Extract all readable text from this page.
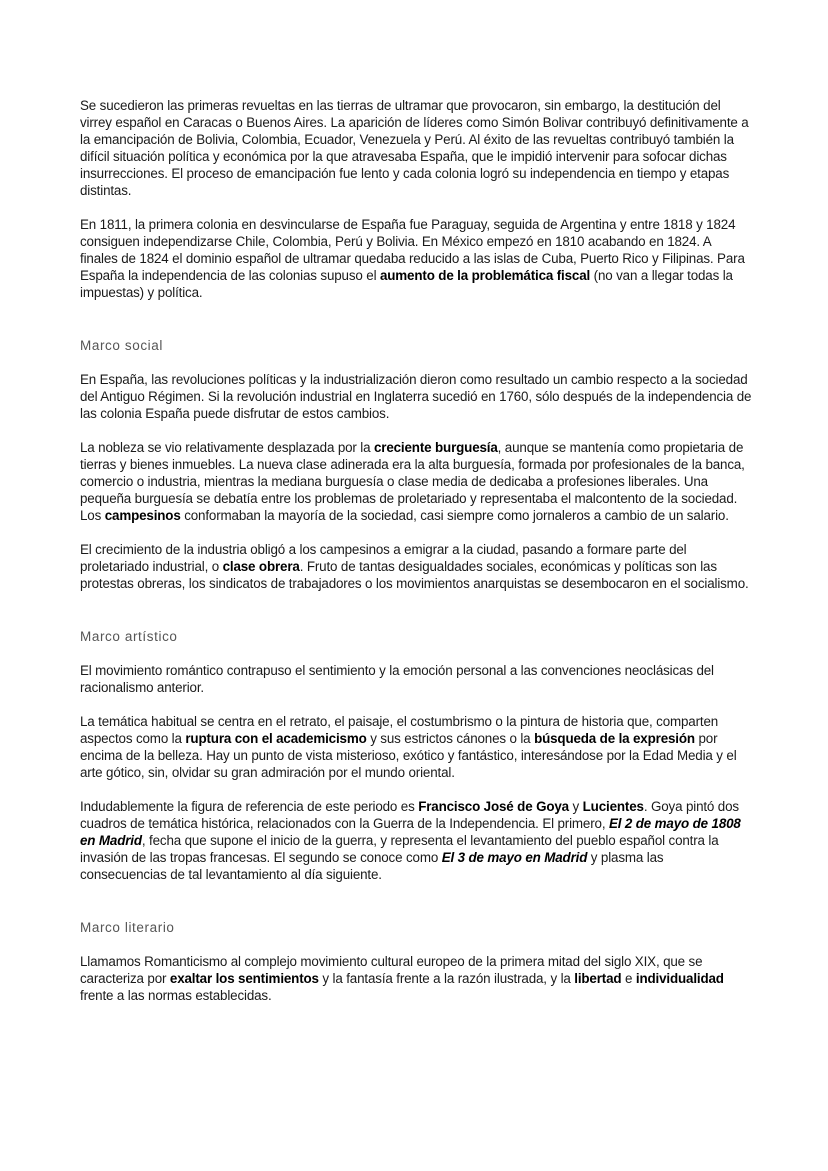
Se sucedieron las primeras revueltas en las tierras de ultramar que provocaron, sin embargo, la destitución del virrey español en Caracas o Buenos Aires. La aparición de líderes como Simón Bolivar contribuyó definitivamente a la emancipación de Bolivia, Colombia, Ecuador, Venezuela y Perú. Al éxito de las revueltas contribuyó también la difícil situación política y económica por la que atravesaba España, que le impidió intervenir para sofocar dichas insurrecciones. El proceso de emancipación fue lento y cada colonia logró su independencia en tiempo y etapas distintas.

En 1811, la primera colonia en desvincularse de España fue Paraguay, seguida de Argentina y entre 1818 y 1824 consiguen independizarse Chile, Colombia, Perú y Bolivia. En México empezó en 1810 acabando en 1824. A finales de 1824 el dominio español de ultramar quedaba reducido a las islas de Cuba, Puerto Rico y Filipinas. Para España la independencia de las colonias supuso el aumento de la problemática fiscal (no van a llegar todas la impuestas) y política.

Marco social

En España, las revoluciones políticas y la industrialización dieron como resultado un cambio respecto a la sociedad del Antiguo Régimen. Si la revolución industrial en Inglaterra sucedió en 1760, sólo después de la independencia de las colonia España puede disfrutar de estos cambios.

La nobleza se vio relativamente desplazada por la creciente burguesía, aunque se mantenía como propietaria de tierras y bienes inmuebles. La nueva clase adinerada era la alta burguesía, formada por profesionales de la banca, comercio o industria, mientras la mediana burguesía o clase media de dedicaba a profesiones liberales. Una pequeña burguesía se debatía entre los problemas de proletariado y representaba el malcontento de la sociedad. Los campesinos conformaban la mayoría de la sociedad, casi siempre como jornaleros a cambio de un salario.

El crecimiento de la industria obligó a los campesinos a emigrar a la ciudad, pasando a formare parte del proletariado industrial, o clase obrera. Fruto de tantas desigualdades sociales, económicas y políticas son las protestas obreras, los sindicatos de trabajadores o los movimientos anarquistas se desembocaron en el socialismo.

Marco artístico

El movimiento romántico contrapuso el sentimiento y la emoción personal a las convenciones neoclásicas del racionalismo anterior.

La temática habitual se centra en el retrato, el paisaje, el costumbrismo o la pintura de historia que, comparten aspectos como la ruptura con el academicismo y sus estrictos cánones o la búsqueda de la expresión por encima de la belleza. Hay un punto de vista misterioso, exótico y fantástico, interesándose por la Edad Media y el arte gótico, sin, olvidar su gran admiración por el mundo oriental.

Indudablemente la figura de referencia de este periodo es Francisco José de Goya y Lucientes. Goya pintó dos cuadros de temática histórica, relacionados con la Guerra de la Independencia. El primero, El 2 de mayo de 1808 en Madrid, fecha que supone el inicio de la guerra, y representa el levantamiento del pueblo español contra la invasión de las tropas francesas. El segundo se conoce como El 3 de mayo en Madrid y plasma las consecuencias de tal levantamiento al día siguiente.

Marco literario

Llamamos Romanticismo al complejo movimiento cultural europeo de la primera mitad del siglo XIX, que se caracteriza por exaltar los sentimientos y la fantasía frente a la razón ilustrada, y la libertad e individualidad frente a las normas establecidas.
